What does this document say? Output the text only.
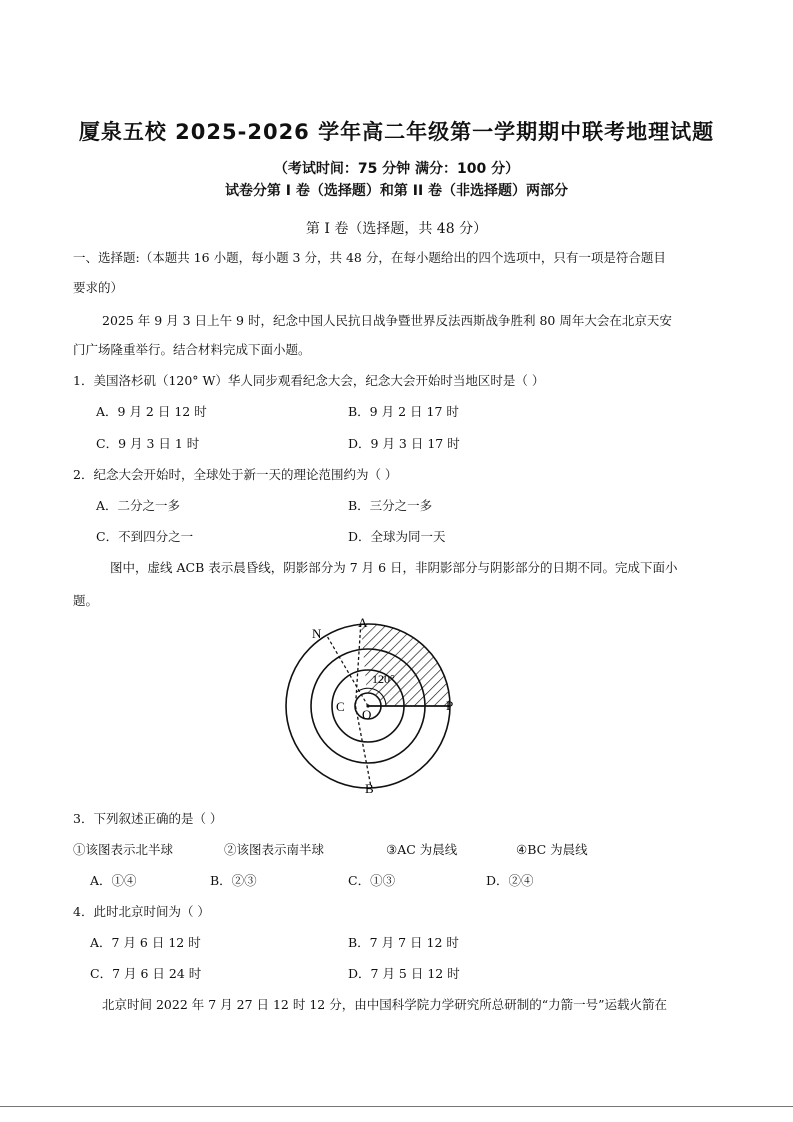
厦泉五校 2025-2026 学年高二年级第一学期期中联考地理试题
（考试时间：75 分钟 满分：100 分）
试卷分第 I 卷（选择题）和第 II 卷（非选择题）两部分
第 I 卷（选择题，共 48 分）
一、选择题:（本题共 16 小题，每小题 3 分，共 48 分，在每小题给出的四个选项中，只有一项是符合题目
要求的）
2025 年 9 月 3 日上午 9 时，纪念中国人民抗日战争暨世界反法西斯战争胜利 80 周年大会在北京天安
门广场隆重举行。结合材料完成下面小题。
1．美国洛杉矶（120° W）华人同步观看纪念大会，纪念大会开始时当地区时是（ ）
A．9 月 2 日 12 时	B．9 月 2 日 17 时
C．9 月 3 日 1 时	D．9 月 3 日 17 时
2．纪念大会开始时，全球处于新一天的理论范围约为（ ）
A．二分之一多	B．三分之一多
C．不到四分之一	D．全球为同一天
图中，虚线 ACB 表示晨昏线，阴影部分为 7 月 6 日，非阴影部分与阴影部分的日期不同。完成下面小
题。
N
A
120°
C
O
P
B
3．下列叙述正确的是（ ）
①该图表示北半球	②该图表示南半球	③AC 为晨线	④BC 为晨线
A．①④	B．②③	C．①③	D．②④
4．此时北京时间为（ ）
A．7 月 6 日 12 时	B．7 月 7 日 12 时
C．7 月 6 日 24 时	D．7 月 5 日 12 时
北京时间 2022 年 7 月 27 日 12 时 12 分，由中国科学院力学研究所总研制的“力箭一号”运载火箭在
